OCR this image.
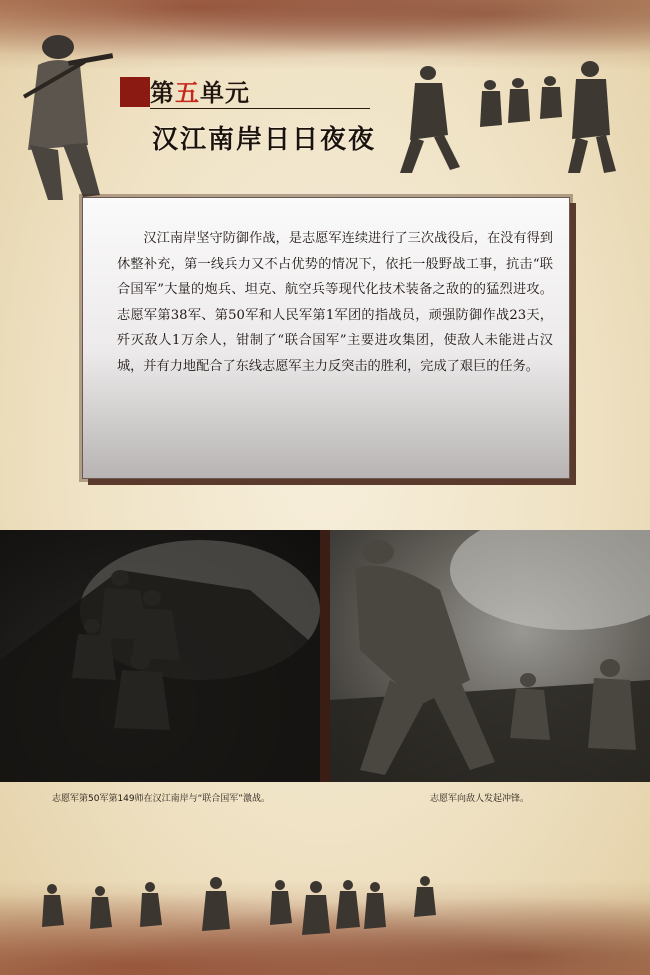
第五单元
汉江南岸日日夜夜

汉江南岸坚守防御作战，是志愿军连续进行了三次战役后，在没有得到休整补充，第一线兵力又不占优势的情况下，依托一般野战工事，抗击“联合国军”大量的炮兵、坦克、航空兵等现代化技术装备之敌的的猛烈进攻。志愿军第38军、第50军和人民军第1军团的指战员，顽强防御作战23天，歼灭敌人1万余人，钳制了“联合国军”主要进攻集团，使敌人未能进占汉城，并有力地配合了东线志愿军主力反突击的胜利，完成了艰巨的任务。

志愿军第50军第149师在汉江南岸与“联合国军”激战。	志愿军向敌人发起冲锋。
